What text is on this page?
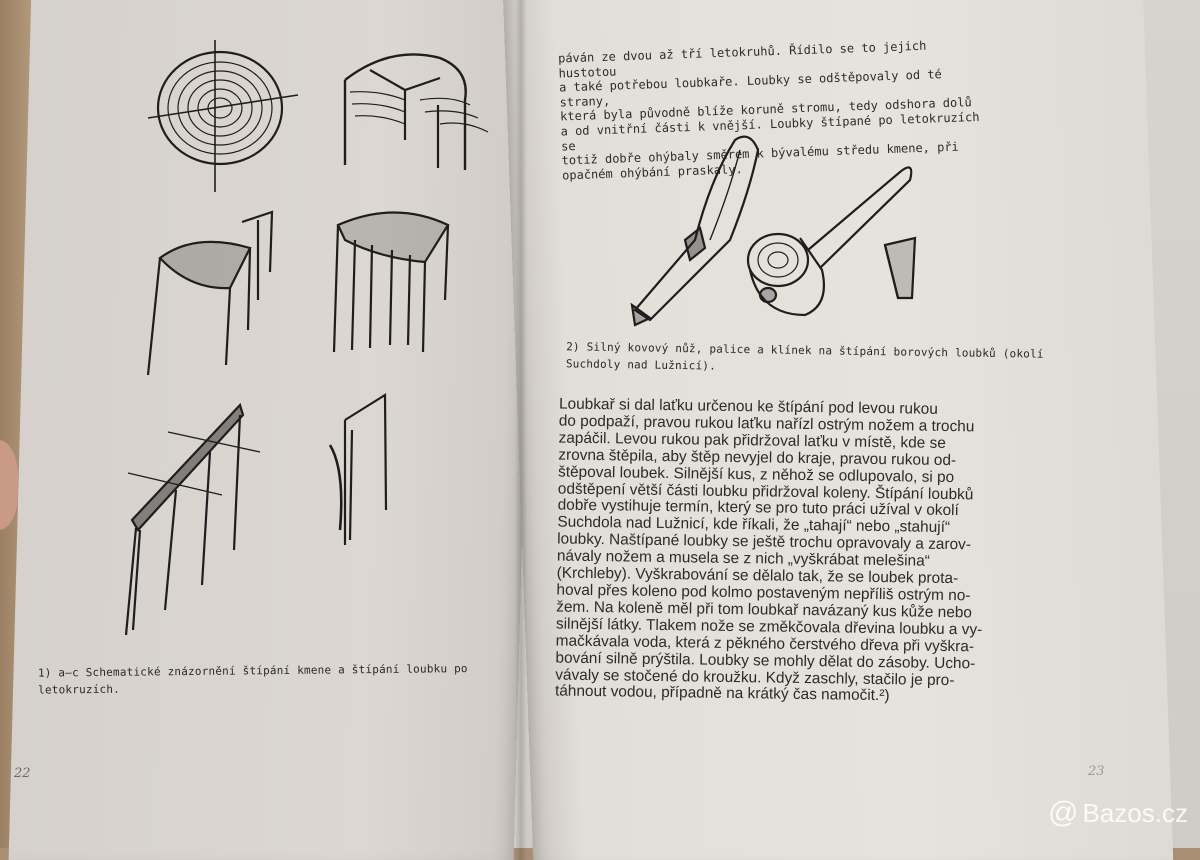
1) a—c Schematické znázornění štípání kmene a štípání loubku po letokruzích.
22

páván ze dvou až tří letokruhů. Řídilo se to jejich hustotou
a také potřebou loubkaře. Loubky se odštěpovaly od té strany,
která byla původně blíže koruně stromu, tedy odshora dolů
a od vnitřní části k vnější. Loubky štípané po letokruzích se
totiž dobře ohýbaly směrem k bývalému středu kmene, při
opačném ohýbání praskaly.

2) Silný kovový nůž, palice a klínek na štípání borových loubků (okolí Suchdoly nad Lužnicí).

Loubkař si dal laťku určenou ke štípání pod levou rukou
do podpaží, pravou rukou laťku nařízl ostrým nožem a trochu
zapáčil. Levou rukou pak přidržoval laťku v místě, kde se
zrovna štěpila, aby štěp nevyjel do kraje, pravou rukou od-
štěpoval loubek. Silnější kus, z něhož se odlupovalo, si po
odštěpení větší části loubku přidržoval koleny. Štípání loubků
dobře vystihuje termín, který se pro tuto práci užíval v okolí
Suchdola nad Lužnicí, kde říkali, že „tahají“ nebo „stahují“
loubky. Naštípané loubky se ještě trochu opravovaly a zarov-
návaly nožem a musela se z nich „vyškrábat melešina“
(Krchleby). Vyškrabování se dělalo tak, že se loubek prota-
hoval přes koleno pod kolmo postaveným nepříliš ostrým no-
žem. Na koleně měl při tom loubkař navázaný kus kůže nebo
silnější látky. Tlakem nože se změkčovala dřevina loubku a vy-
mačkávala voda, která z pěkného čerstvého dřeva při vyškra-
bování silně prýštila. Loubky se mohly dělat do zásoby. Ucho-
vávaly se stočené do kroužku. Když zaschly, stačilo je pro-
táhnout vodou, případně na krátký čas namočit.²)

23
@ Bazos.cz
